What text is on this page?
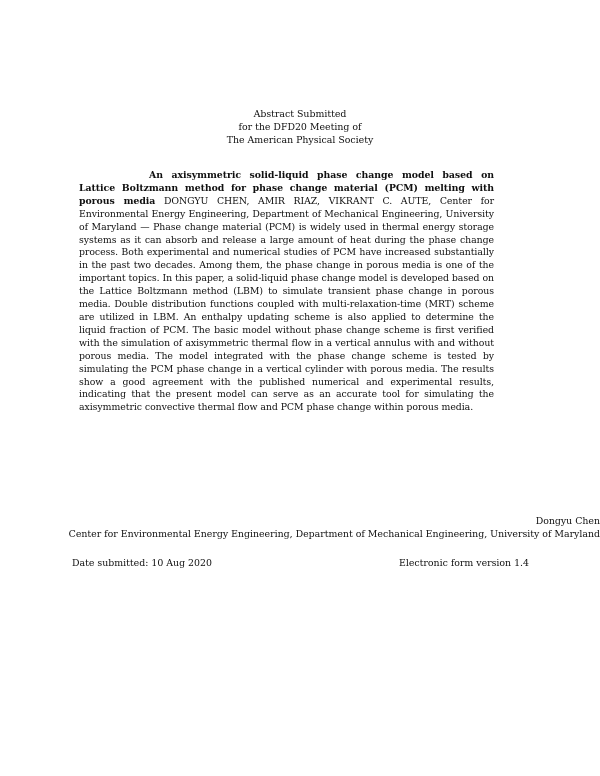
Abstract Submitted
for the DFD20 Meeting of
The American Physical Society
An axisymmetric solid-liquid phase change model based on Lattice Boltzmann method for phase change material (PCM) melting with porous media DONGYU CHEN, AMIR RIAZ, VIKRANT C. AUTE, Center for Environmental Energy Engineering, Department of Mechanical Engineering, University of Maryland — Phase change material (PCM) is widely used in thermal energy storage systems as it can absorb and release a large amount of heat during the phase change process. Both experimental and numerical studies of PCM have increased substantially in the past two decades. Among them, the phase change in porous media is one of the important topics. In this paper, a solid-liquid phase change model is developed based on the Lattice Boltzmann method (LBM) to simulate transient phase change in porous media. Double distribution functions coupled with multi-relaxation-time (MRT) scheme are utilized in LBM. An enthalpy updating scheme is also applied to determine the liquid fraction of PCM. The basic model without phase change scheme is first verified with the simulation of axisymmetric thermal flow in a vertical annulus with and without porous media. The model integrated with the phase change scheme is tested by simulating the PCM phase change in a vertical cylinder with porous media. The results show a good agreement with the published numerical and experimental results, indicating that the present model can serve as an accurate tool for simulating the axisymmetric convective thermal flow and PCM phase change within porous media.
Dongyu Chen
Center for Environmental Energy Engineering, Department of Mechanical Engineering, University of Maryland
Date submitted: 10 Aug 2020	Electronic form version 1.4
